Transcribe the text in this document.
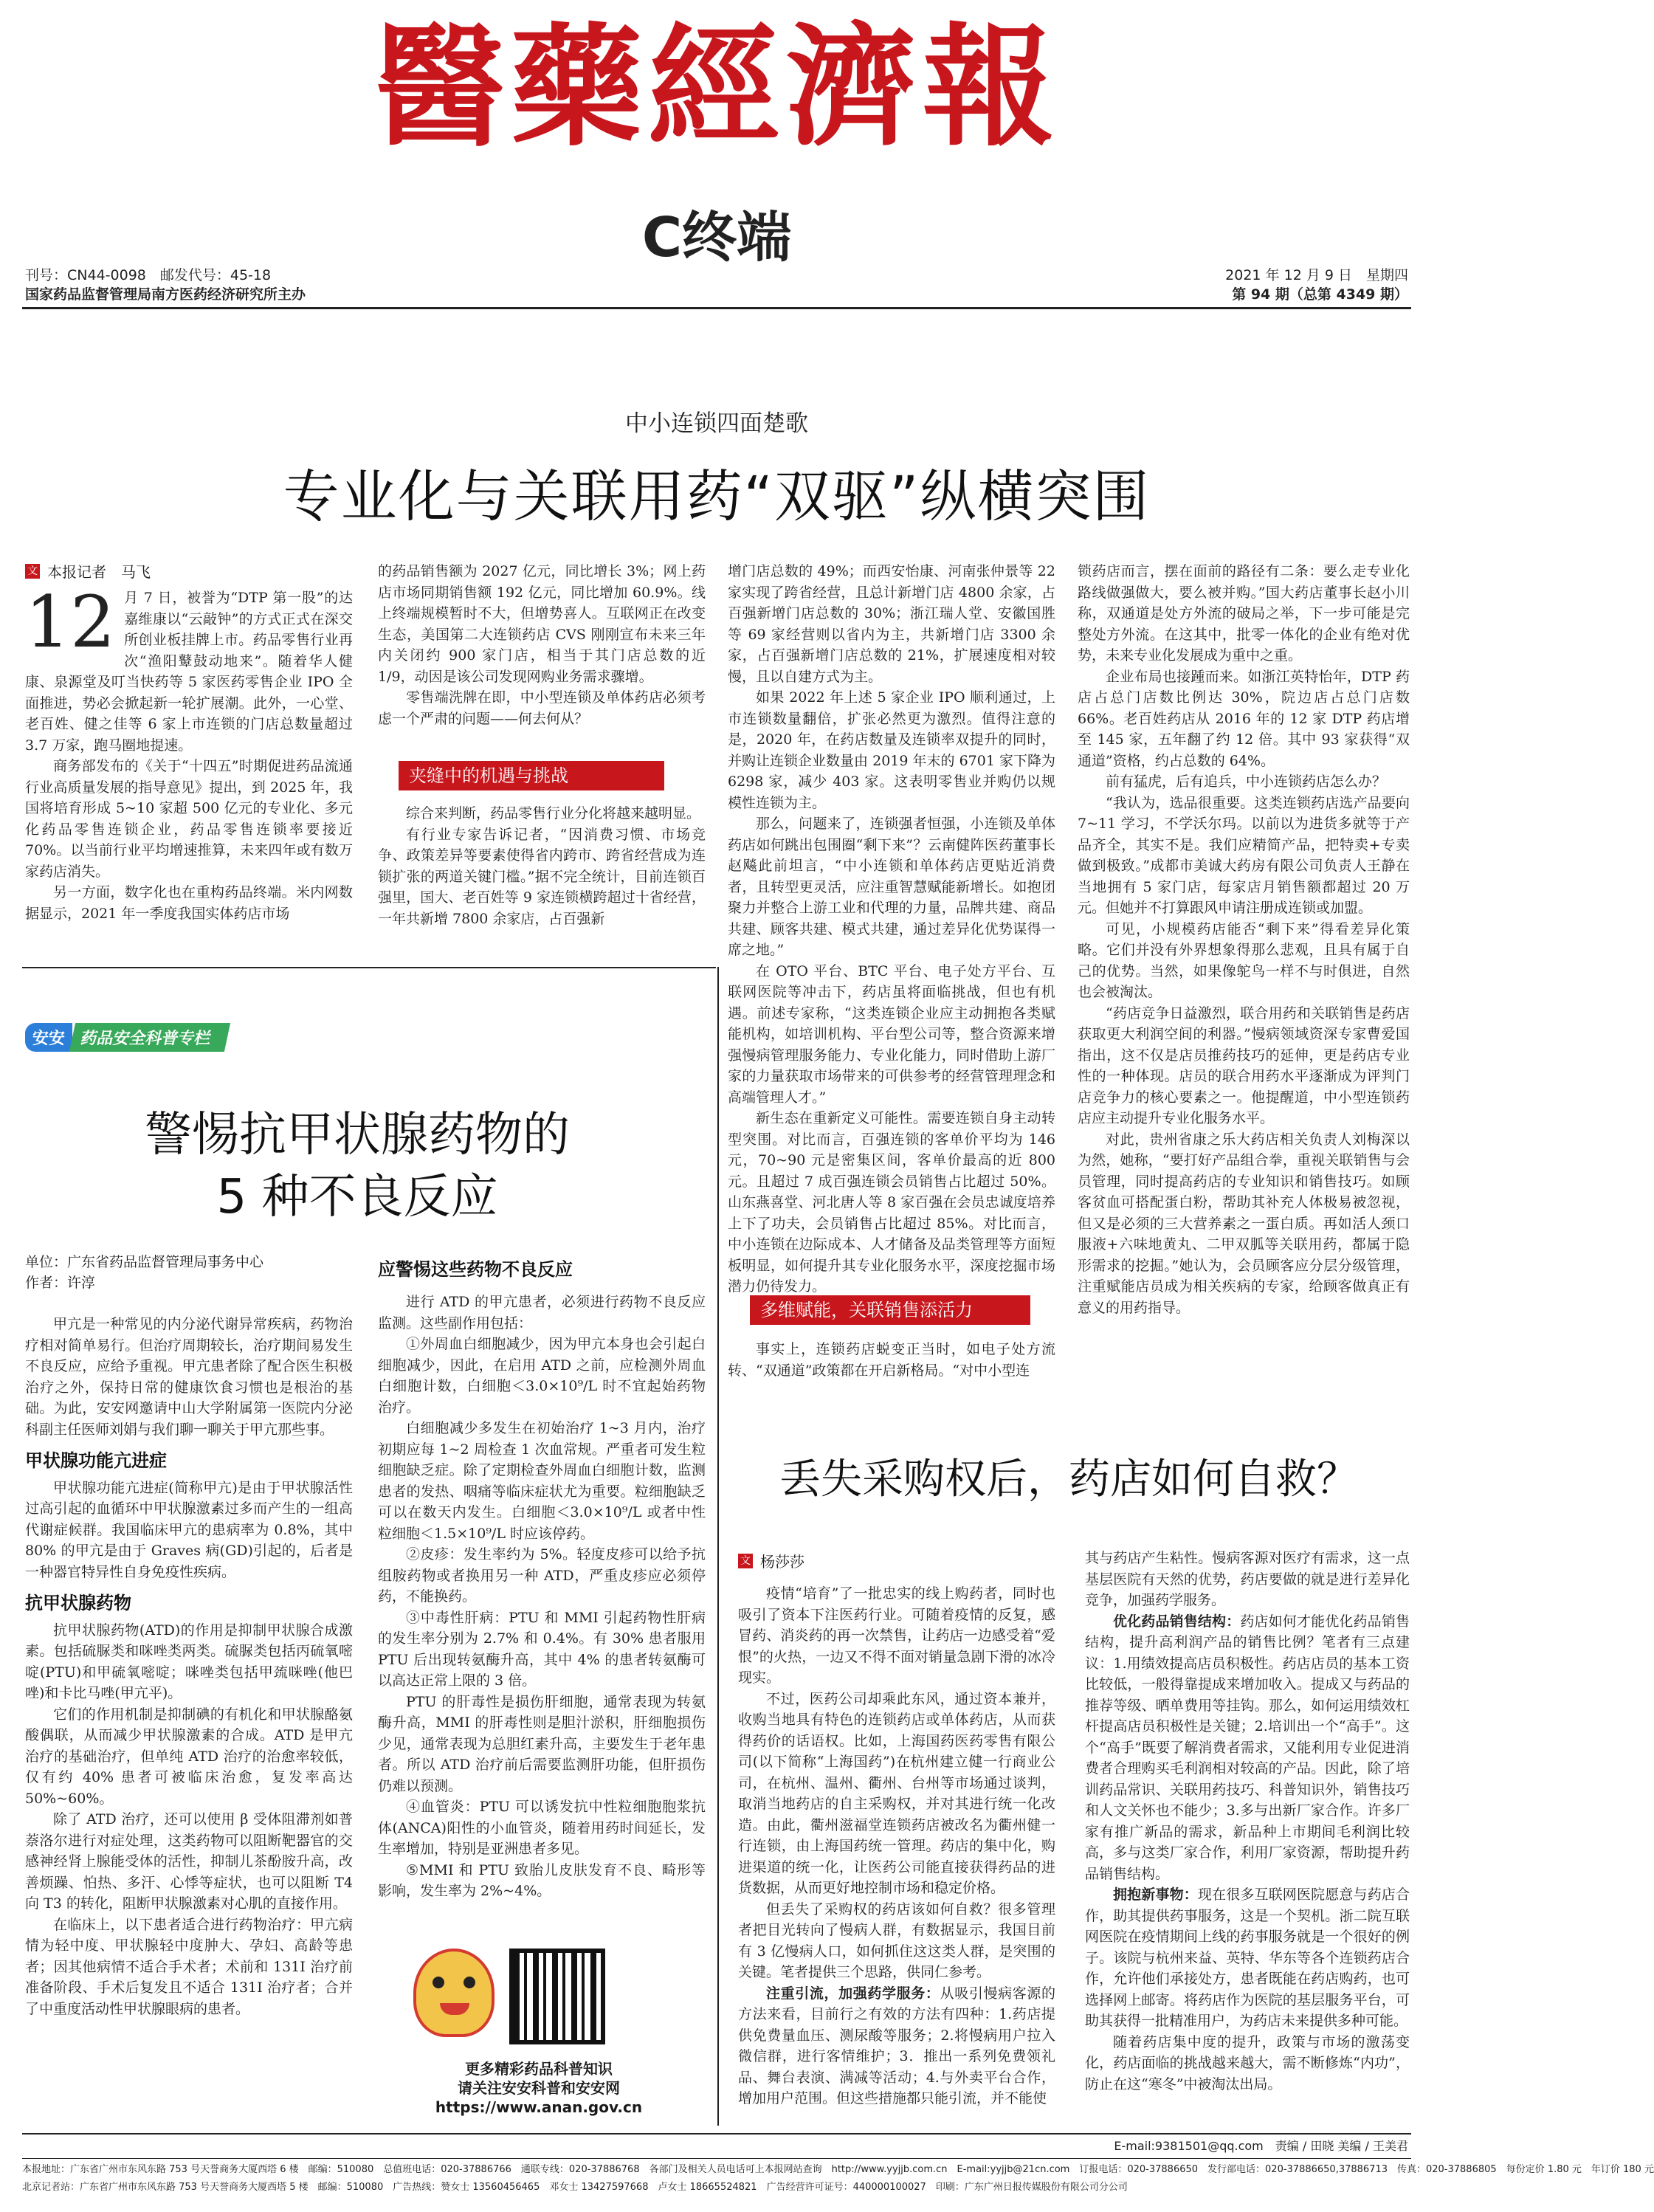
醫藥經濟報
C终端
刊号：CN44-0098　邮发代号：45-18
国家药品监督管理局南方医药经济研究所主办
2021 年 12 月 9 日　星期四
第 94 期（总第 4349 期）
中小连锁四面楚歌
专业化与关联用药“双驱”纵横突围
文 本报记者　马飞
12 月 7 日，被誉为“DTP 第一股”的达嘉维康以“云敲钟”的方式正式在深交所创业板挂牌上市。药品零售行业再次“渔阳鼙鼓动地来”。随着华人健康、泉源堂及叮当快药等 5 家医药零售企业 IPO 全面推进，势必会掀起新一轮扩展潮。此外，一心堂、老百姓、健之佳等 6 家上市连锁的门店总数量超过 3.7 万家，跑马圈地提速。

商务部发布的《关于“十四五”时期促进药品流通行业高质量发展的指导意见》提出，到 2025 年，我国将培育形成 5~10 家超 500 亿元的专业化、多元化药品零售连锁企业，药品零售连锁率要接近 70%。以当前行业平均增速推算，未来四年或有数万家药店消失。

另一方面，数字化也在重构药品终端。米内网数据显示，2021 年一季度我国实体药店市场

的药品销售额为 2027 亿元，同比增长 3%；网上药店市场同期销售额 192 亿元，同比增加 60.9%。线上终端规模暂时不大，但增势喜人。互联网正在改变生态，美国第二大连锁药店 CVS 刚刚宣布未来三年内关闭约 900 家门店，相当于其门店总数的近 1/9，动因是该公司发现网购业务需求骤增。

零售端洗牌在即，中小型连锁及单体药店必须考虑一个严肃的问题——何去何从？

夹缝中的机遇与挑战

综合来判断，药品零售行业分化将越来越明显。

有行业专家告诉记者，“因消费习惯、市场竞争、政策差异等要素使得省内跨市、跨省经营成为连锁扩张的两道关键门槛。”据不完全统计，目前连锁百强里，国大、老百姓等 9 家连锁横跨超过十省经营，一年共新增 7800 余家店，占百强新

增门店总数的 49%；而西安怡康、河南张仲景等 22 家实现了跨省经营，且总计新增门店 4800 余家，占百强新增门店总数的 30%；浙江瑞人堂、安徽国胜等 69 家经营则以省内为主，共新增门店 3300 余家，占百强新增门店总数的 21%，扩展速度相对较慢，且以自建方式为主。

如果 2022 年上述 5 家企业 IPO 顺利通过，上市连锁数量翻倍，扩张必然更为激烈。值得注意的是，2020 年，在药店数量及连锁率双提升的同时，并购让连锁企业数量由 2019 年末的 6701 家下降为 6298 家，减少 403 家。这表明零售业并购仍以规模性连锁为主。

那么，问题来了，连锁强者恒强，小连锁及单体药店如何跳出包围圈“剩下来”？云南健阵医药董事长赵飚此前坦言，“中小连锁和单体药店更贴近消费者，且转型更灵活，应注重智慧赋能新增长。如抱团聚力并整合上游工业和代理的力量，品牌共建、商品共建、顾客共建、模式共建，通过差异化优势谋得一席之地。”

在 OTO 平台、BTC 平台、电子处方平台、互联网医院等冲击下，药店虽将面临挑战，但也有机遇。前述专家称，“这类连锁企业应主动拥抱各类赋能机构，如培训机构、平台型公司等，整合资源来增强慢病管理服务能力、专业化能力，同时借助上游厂家的力量获取市场带来的可供参考的经营管理理念和高端管理人才。”

新生态在重新定义可能性。需要连锁自身主动转型突围。对比而言，百强连锁的客单价平均为 146 元，70~90 元是密集区间，客单价最高的近 800 元。且超过 7 成百强连锁会员销售占比超过 50%。山东燕喜堂、河北唐人等 8 家百强在会员忠诚度培养上下了功夫，会员销售占比超过 85%。对比而言，中小连锁在边际成本、人才储备及品类管理等方面短板明显，如何提升其专业化服务水平，深度挖掘市场潜力仍待发力。

多维赋能，关联销售添活力

事实上，连锁药店蜕变正当时，如电子处方流转、“双通道”政策都在开启新格局。“对中小型连

锁药店而言，摆在面前的路径有二条：要么走专业化路线做强做大，要么被并购。”国大药店董事长赵小川称，双通道是处方外流的破局之举，下一步可能是完整处方外流。在这其中，批零一体化的企业有绝对优势，未来专业化发展成为重中之重。

企业布局也接踵而来。如浙江英特怡年，DTP 药店占总门店数比例达 30%，院边店占总门店数 66%。老百姓药店从 2016 年的 12 家 DTP 药店增至 145 家，五年翻了约 12 倍。其中 93 家获得“双通道”资格，约占总数的 64%。

前有猛虎，后有追兵，中小连锁药店怎么办？

“我认为，选品很重要。这类连锁药店选产品要向 7~11 学习，不学沃尔玛。以前以为进货多就等于产品齐全，其实不是。我们应精简产品，把特卖+专卖做到极致。”成都市美诚大药房有限公司负责人王静在当地拥有 5 家门店，每家店月销售额都超过 20 万元。但她并不打算跟风申请注册成连锁或加盟。

可见，小规模药店能否“剩下来”得看差异化策略。它们并没有外界想象得那么悲观，且具有属于自己的优势。当然，如果像鸵鸟一样不与时俱进，自然也会被淘汰。

“药店竞争日益激烈，联合用药和关联销售是药店获取更大利润空间的利器。”慢病领域资深专家曹爱国指出，这不仅是店员推药技巧的延伸，更是药店专业性的一种体现。店员的联合用药水平逐渐成为评判门店竞争力的核心要素之一。他提醒道，中小型连锁药店应主动提升专业化服务水平。

对此，贵州省康之乐大药店相关负责人刘梅深以为然，她称，“要打好产品组合拳，重视关联销售与会员管理，同时提高药店的专业知识和销售技巧。如顾客贫血可搭配蛋白粉，帮助其补充人体极易被忽视，但又是必须的三大营养素之一蛋白质。再如活人颈口服液+六味地黄丸、二甲双胍等关联用药，都属于隐形需求的挖掘。”她认为，会员顾客应分层分级管理，注重赋能店员成为相关疾病的专家，给顾客做真正有意义的用药指导。

安安 药品安全科普专栏
警惕抗甲状腺药物的
5 种不良反应
单位：广东省药品监督管理局事务中心
作者：许淳

甲亢是一种常见的内分泌代谢异常疾病，药物治疗相对简单易行。但治疗周期较长，治疗期间易发生不良反应，应给予重视。甲亢患者除了配合医生积极治疗之外，保持日常的健康饮食习惯也是根治的基础。为此，安安网邀请中山大学附属第一医院内分泌科副主任医师刘娟与我们聊一聊关于甲亢那些事。

甲状腺功能亢进症

甲状腺功能亢进症(简称甲亢)是由于甲状腺活性过高引起的血循环中甲状腺激素过多而产生的一组高代谢症候群。我国临床甲亢的患病率为 0.8%，其中 80% 的甲亢是由于 Graves 病(GD)引起的，后者是一种器官特异性自身免疫性疾病。

抗甲状腺药物

抗甲状腺药物(ATD)的作用是抑制甲状腺合成激素。包括硫脲类和咪唑类两类。硫脲类包括丙硫氧嘧啶(PTU)和甲硫氧嘧啶；咪唑类包括甲巯咪唑(他巴唑)和卡比马唑(甲亢平)。

它们的作用机制是抑制碘的有机化和甲状腺酪氨酸偶联，从而减少甲状腺激素的合成。ATD 是甲亢治疗的基础治疗，但单纯 ATD 治疗的治愈率较低，仅有约 40% 患者可被临床治愈，复发率高达 50%~60%。

除了 ATD 治疗，还可以使用 β 受体阻滞剂如普萘洛尔进行对症处理，这类药物可以阻断靶器官的交感神经肾上腺能受体的活性，抑制儿茶酚胺升高，改善烦躁、怕热、多汗、心悸等症状，也可以阻断 T4 向 T3 的转化，阻断甲状腺激素对心肌的直接作用。

在临床上，以下患者适合进行药物治疗：甲亢病情为轻中度、甲状腺轻中度肿大、孕妇、高龄等患者；因其他病情不适合手术者；术前和 131I 治疗前准备阶段、手术后复发且不适合 131I 治疗者；合并了中重度活动性甲状腺眼病的患者。

应警惕这些药物不良反应

进行 ATD 的甲亢患者，必须进行药物不良反应监测。这些副作用包括：

①外周血白细胞减少，因为甲亢本身也会引起白细胞减少，因此，在启用 ATD 之前，应检测外周血白细胞计数，白细胞＜3.0×10⁹/L 时不宜起始药物治疗。

白细胞减少多发生在初始治疗 1~3 月内，治疗初期应每 1~2 周检查 1 次血常规。严重者可发生粒细胞缺乏症。除了定期检查外周血白细胞计数，监测患者的发热、咽痛等临床症状尤为重要。粒细胞缺乏可以在数天内发生。白细胞＜3.0×10⁹/L 或者中性粒细胞＜1.5×10⁹/L 时应该停药。

②皮疹：发生率约为 5%。轻度皮疹可以给予抗组胺药物或者换用另一种 ATD，严重皮疹应必须停药，不能换药。

③中毒性肝病：PTU 和 MMI 引起药物性肝病的发生率分别为 2.7% 和 0.4%。有 30% 患者服用 PTU 后出现转氨酶升高，其中 4% 的患者转氨酶可以高达正常上限的 3 倍。

PTU 的肝毒性是损伤肝细胞，通常表现为转氨酶升高，MMI 的肝毒性则是胆汁淤积，肝细胞损伤少见，通常表现为总胆红素升高，主要发生于老年患者。所以 ATD 治疗前后需要监测肝功能，但肝损伤仍难以预测。

④血管炎：PTU 可以诱发抗中性粒细胞胞浆抗体(ANCA)阳性的小血管炎，随着用药时间延长，发生率增加，特别是亚洲患者多见。

⑤MMI 和 PTU 致胎儿皮肤发育不良、畸形等影响，发生率为 2%~4%。

更多精彩药品科普知识
请关注安安科普和安安网
https://www.anan.gov.cn
丢失采购权后，药店如何自救？
文 杨莎莎

疫情“培育”了一批忠实的线上购药者，同时也吸引了资本下注医药行业。可随着疫情的反复，感冒药、消炎药的再一次禁售，让药店一边感受着“爱恨”的火热，一边又不得不面对销量急剧下滑的冰冷现实。

不过，医药公司却乘此东风，通过资本兼并，收购当地具有特色的连锁药店或单体药店，从而获得药价的话语权。比如，上海国药医药零售有限公司(以下简称“上海国药”)在杭州建立健一行商业公司，在杭州、温州、衢州、台州等市场通过谈判，取消当地药店的自主采购权，并对其进行统一化改造。由此，衢州滋福堂连锁药店被改名为衢州健一行连锁，由上海国药统一管理。药店的集中化，购进渠道的统一化，让医药公司能直接获得药品的进货数据，从而更好地控制市场和稳定价格。

但丢失了采购权的药店该如何自救？很多管理者把目光转向了慢病人群，有数据显示，我国目前有 3 亿慢病人口，如何抓住这这类人群，是突围的关键。笔者提供三个思路，供同仁参考。

注重引流，加强药学服务：从吸引慢病客源的方法来看，目前行之有效的方法有四种：1.药店提供免费量血压、测尿酸等服务；2.将慢病用户拉入微信群，进行客情维护；3．推出一系列免费领礼品、舞台表演、满减等活动；4.与外卖平台合作，增加用户范围。但这些措施都只能引流，并不能使

其与药店产生粘性。慢病客源对医疗有需求，这一点基层医院有天然的优势，药店要做的就是进行差异化竞争，加强药学服务。

优化药品销售结构：药店如何才能优化药品销售结构，提升高利润产品的销售比例？笔者有三点建议：1.用绩效提高店员积极性。药店店员的基本工资比较低，一般得靠提成来增加收入。提成又与药品的推荐等级、晒单费用等挂钩。那么，如何运用绩效杠杆提高店员积极性是关键；2.培训出一个“高手”。这个“高手”既要了解消费者需求，又能利用专业促进消费者合理购买毛利润相对较高的产品。因此，除了培训药品常识、关联用药技巧、科普知识外，销售技巧和人文关怀也不能少；3.多与出新厂家合作。许多厂家有推广新品的需求，新品种上市期间毛利润比较高，多与这类厂家合作，利用厂家资源，帮助提升药品销售结构。

拥抱新事物：现在很多互联网医院愿意与药店合作，助其提供药事服务，这是一个契机。浙二院互联网医院在疫情期间上线的药事服务就是一个很好的例子。该院与杭州来益、英特、华东等各个连锁药店合作，允许他们承接处方，患者既能在药店购药，也可选择网上邮寄。将药店作为医院的基层服务平台，可助其获得一批精准用户，为药店未来提供多种可能。

随着药店集中度的提升，政策与市场的激荡变化，药店面临的挑战越来越大，需不断修炼“内功”，防止在这“寒冬”中被淘汰出局。

E-mail:9381501@qq.com　 责编 / 田晓 美编 / 王美君
本报地址：广东省广州市东风东路 753 号天誉商务大厦西塔 6 楼　邮编：510080　总值班电话：020-37886766　通联专线：020-37886768　各部门及相关人员电话可上本报网站查询　http://www.yyjjb.com.cn　E-mail:yyjjb@21cn.com　订报电话：020-37886650　发行部电话：020-37886650,37886713　传真：020-37886805　每份定价 1.80 元　年订价 180 元
北京记者站：广东省广州市东风东路 753 号天誉商务大厦西塔 5 楼　邮编：510080　广告热线：赞女士 13560456465　邓女士 13427597668　卢女士 18665524821　广告经营许可证号：440000100027　印刷：广东广州日报传媒股份有限公司分公司
